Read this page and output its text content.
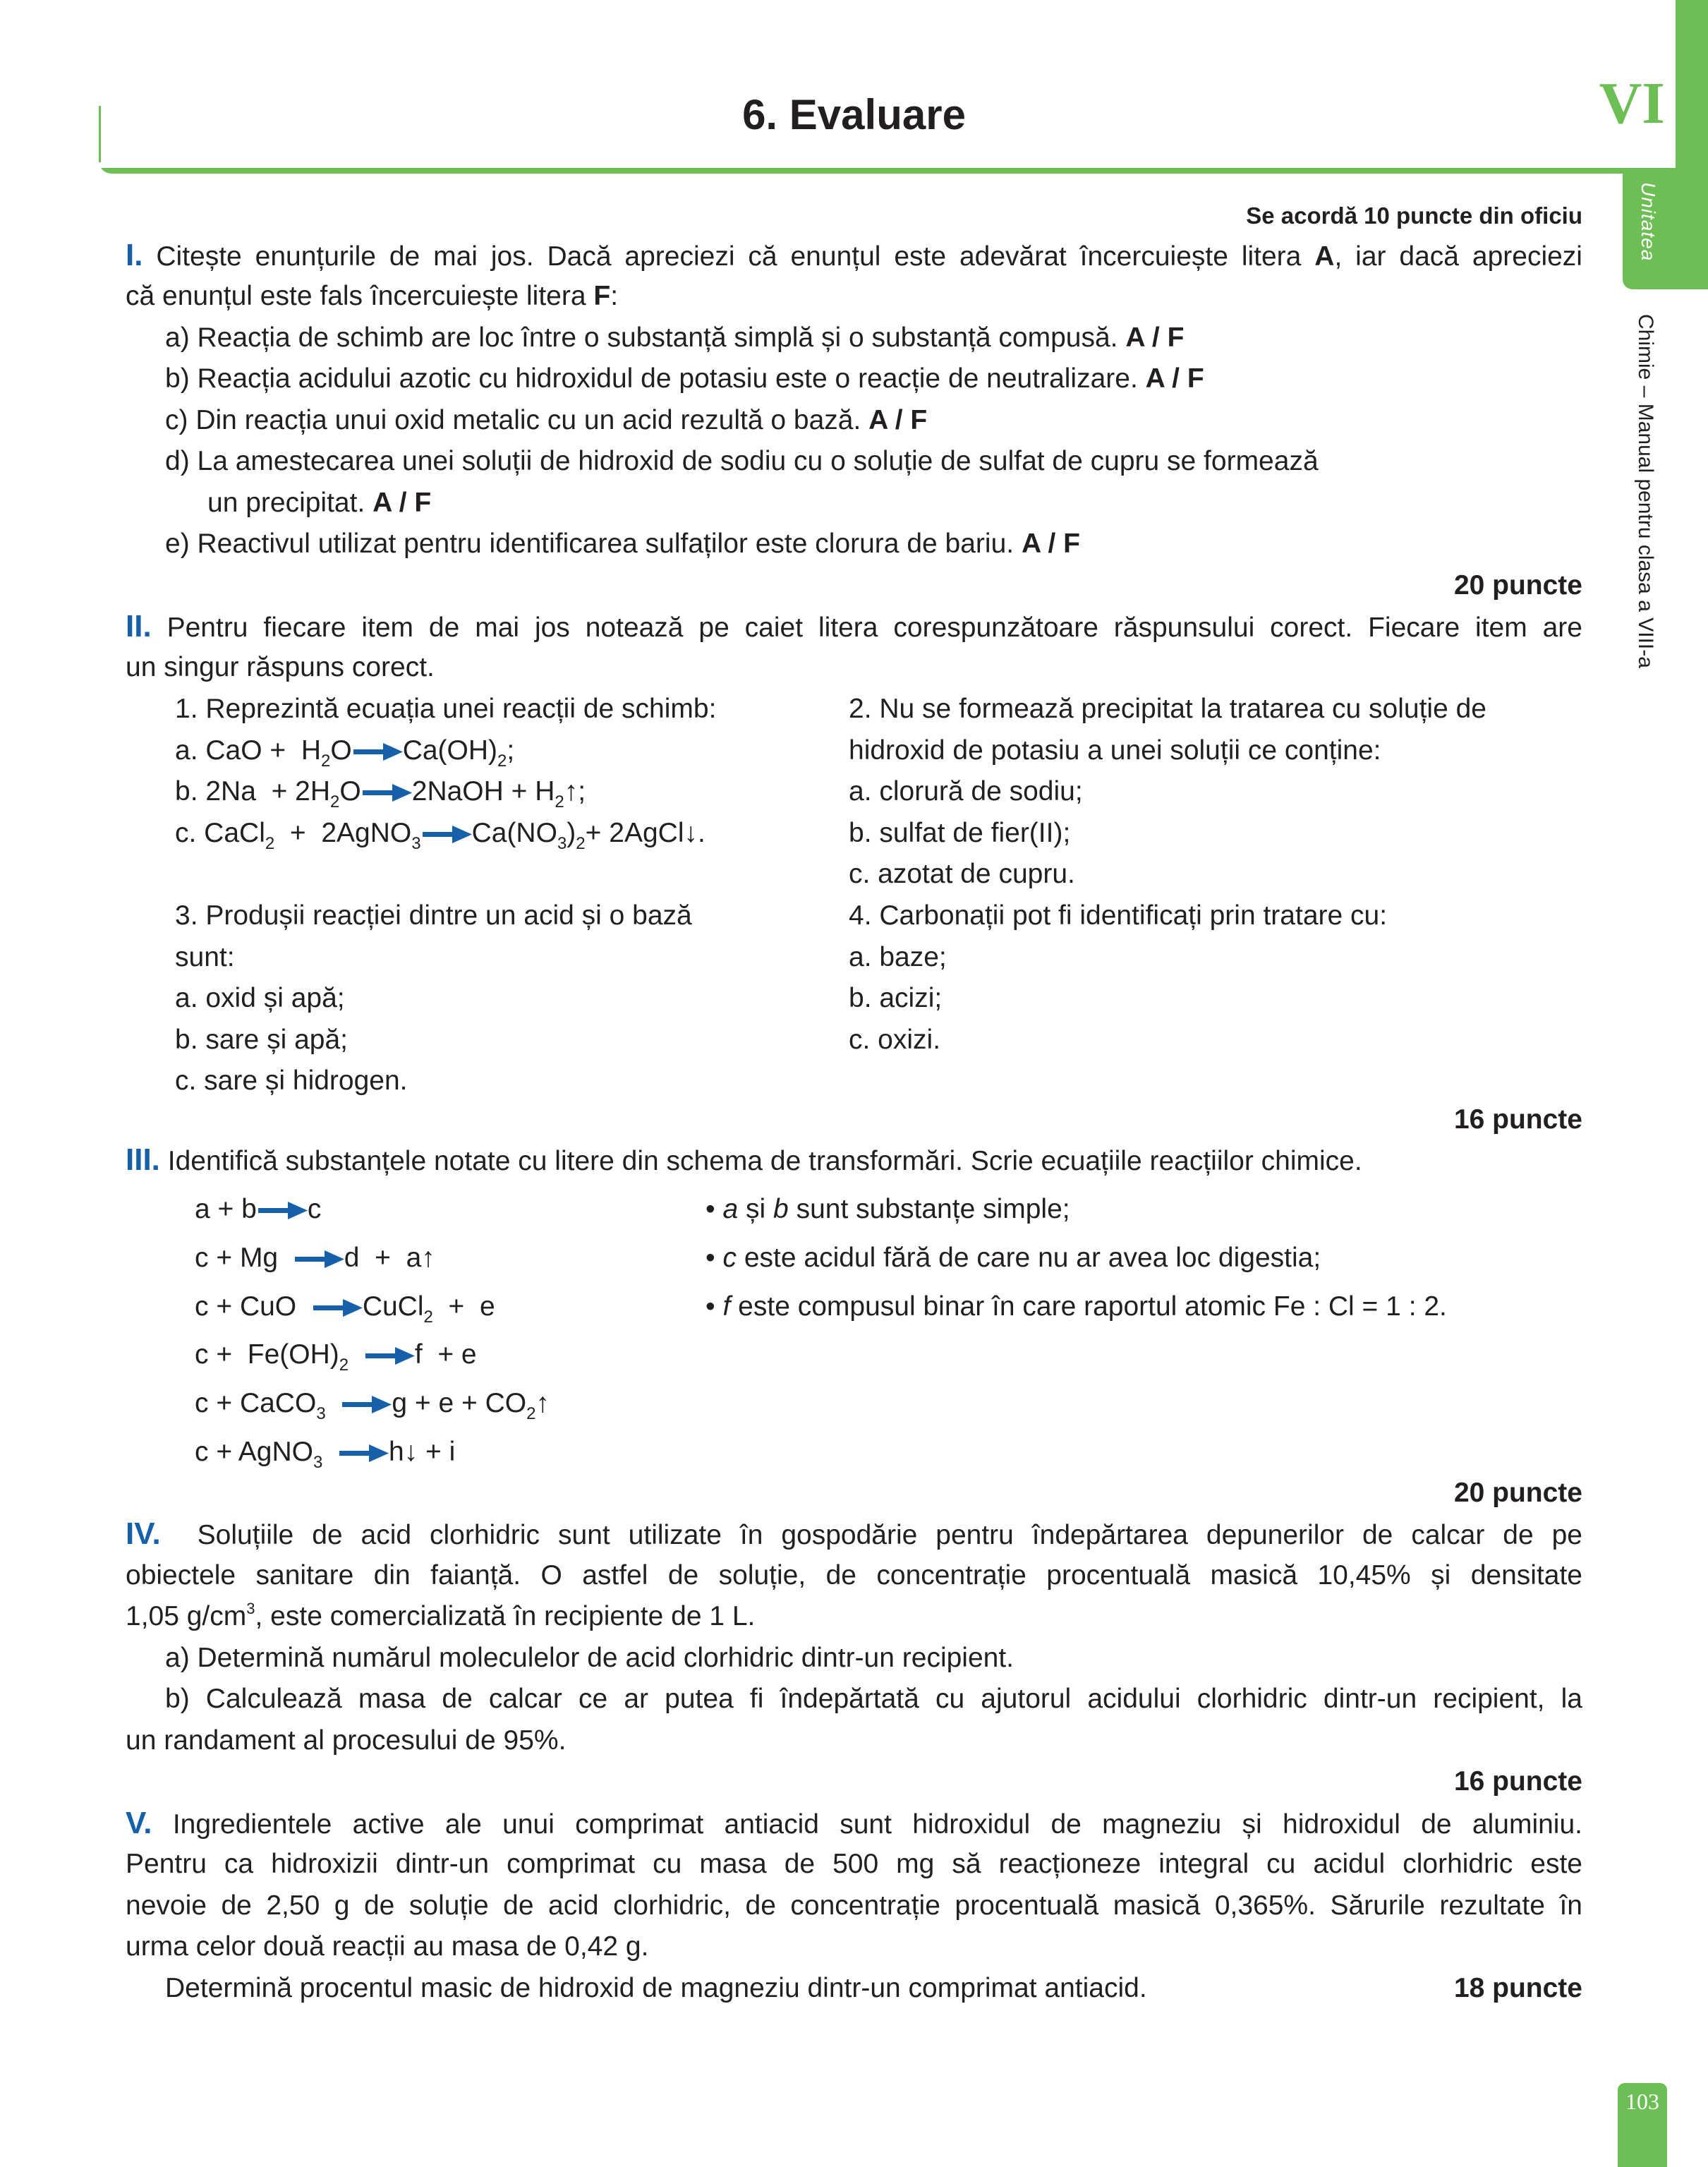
6. Evaluare	VI
Unitatea
Chimie – Manual pentru clasa a VIII-a
103
Se acordă 10 puncte din oficiu
I. Citește enunțurile de mai jos. Dacă apreciezi că enunțul este adevărat încercuiește litera A, iar dacă apreciezi
că enunțul este fals încercuiește litera F:
a) Reacția de schimb are loc între o substanță simplă și o substanță compusă. A / F
b) Reacția acidului azotic cu hidroxidul de potasiu este o reacție de neutralizare. A / F
c) Din reacția unui oxid metalic cu un acid rezultă o bază. A / F
d) La amestecarea unei soluții de hidroxid de sodiu cu o soluție de sulfat de cupru se formează
un precipitat. A / F
e) Reactivul utilizat pentru identificarea sulfaților este clorura de bariu. A / F
20 puncte
II. Pentru fiecare item de mai jos notează pe caiet litera corespunzătoare răspunsului corect. Fiecare item are
un singur răspuns corect.
1. Reprezintă ecuația unei reacții de schimb:
a. CaO +  $H_2O\to Ca(OH)_2$;
b. $2Na + 2H_2O\to 2NaOH$ + $H_2↑$;
c. CaCl$_2$  +  $2AgNO_3\to Ca(NO_3)_2+$ 2AgCl↓.
2. Nu se formează precipitat la tratarea cu soluție de
hidroxid de potasiu a unei soluții ce conține:
a. clorură de sodiu;
b. sulfat de fier(II);
c. azotat de cupru.
3. Produșii reacției dintre un acid și o bază
sunt:
a. oxid și apă;
b. sare și apă;
c. sare și hidrogen.
4. Carbonații pot fi identificați prin tratare cu:
a. baze;
b. acizi;
c. oxizi.
16 puncte
III. Identifică substanțele notate cu litere din schema de transformări. Scrie ecuațiile reacțiilor chimice.
a + b→c
c + Mg →d  +  a↑
c + CuO →CuCl$_2$  +  e
$c + Fe(OH)_2 \to f + e$
c + CaCO$_3$ $\to g + e + CO_2↑$
c + AgNO$_3$ →h↓ + i
• a și b sunt substanțe simple;
• c este acidul fără de care nu ar avea loc digestia;
• f este compusul binar în care raportul atomic Fe : Cl = 1 : 2.
20 puncte
IV. Soluțiile de acid clorhidric sunt utilizate în gospodărie pentru îndepărtarea depunerilor de calcar de pe
obiectele sanitare din faianță. O astfel de soluție, de concentrație procentuală masică 10,45% și densitate
1,05 $g/cm^3$, este comercializată în recipiente de 1 L.
a) Determină numărul moleculelor de acid clorhidric dintr-un recipient.
b) Calculează masa de calcar ce ar putea fi îndepărtată cu ajutorul acidului clorhidric dintr-un recipient, la
un randament al procesului de 95%.
16 puncte
V. Ingredientele active ale unui comprimat antiacid sunt hidroxidul de magneziu și hidroxidul de aluminiu.
Pentru ca hidroxizii dintr-un comprimat cu masa de 500 mg să reacționeze integral cu acidul clorhidric este
nevoie de 2,50 g de soluție de acid clorhidric, de concentrație procentuală masică 0,365%. Sărurile rezultate în
urma celor două reacții au masa de 0,42 g.
Determină procentul masic de hidroxid de magneziu dintr-un comprimat antiacid.	18 puncte
